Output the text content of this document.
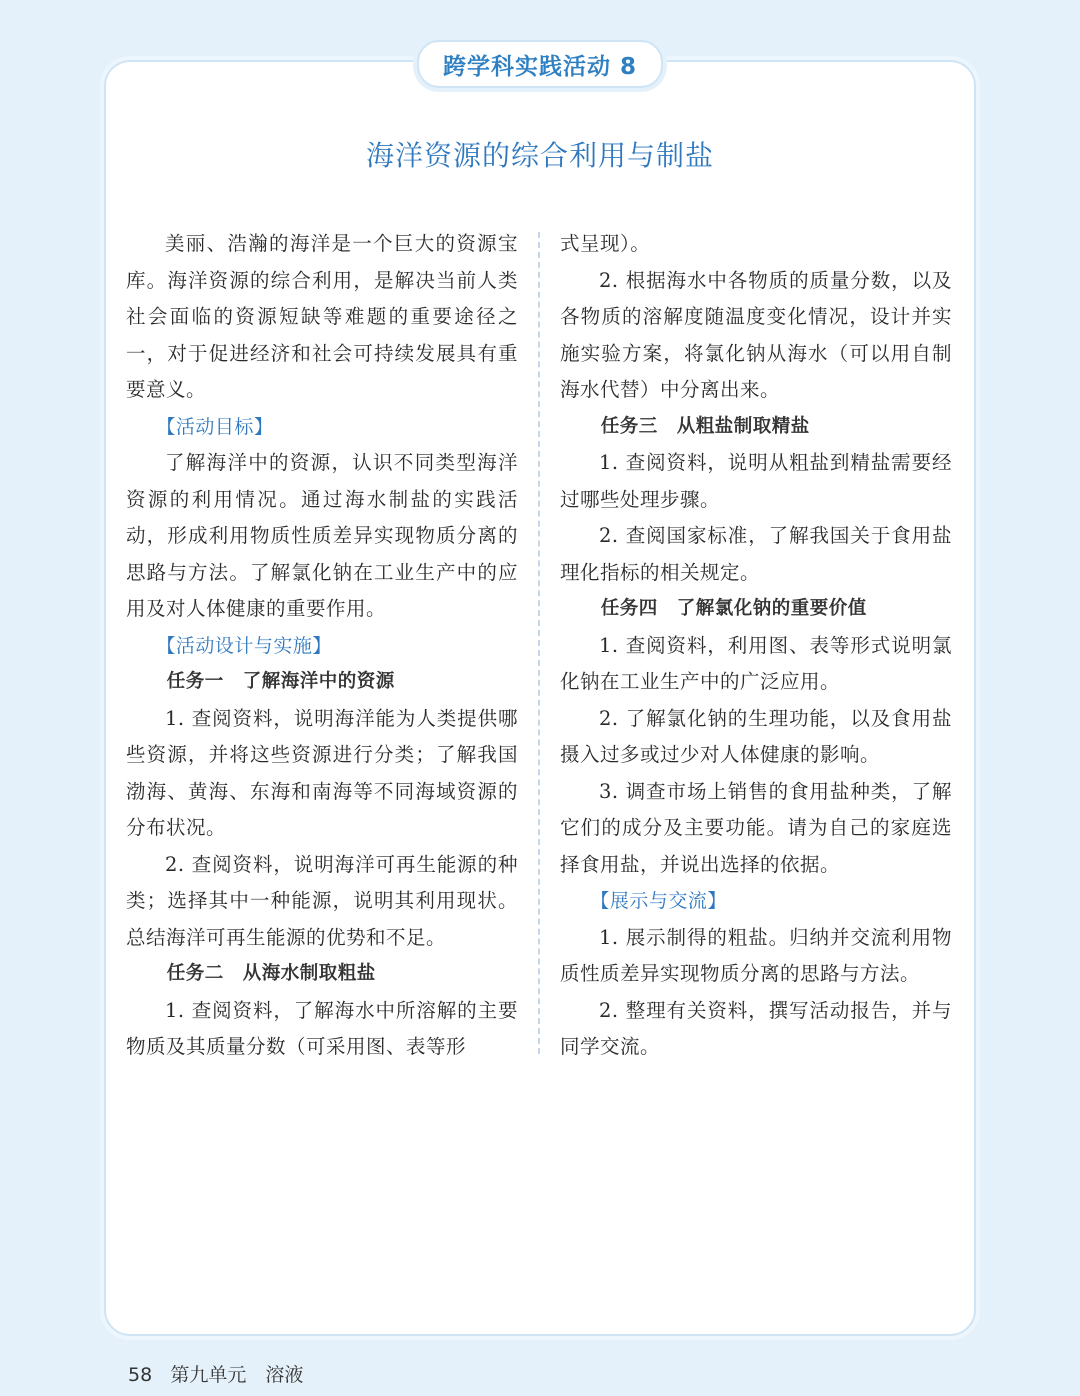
跨学科实践活动 8
海洋资源的综合利用与制盐

美丽、浩瀚的海洋是一个巨大的资源宝库。海洋资源的综合利用，是解决当前人类社会面临的资源短缺等难题的重要途径之一，对于促进经济和社会可持续发展具有重要意义。

【活动目标】

了解海洋中的资源，认识不同类型海洋资源的利用情况。通过海水制盐的实践活动，形成利用物质性质差异实现物质分离的思路与方法。了解氯化钠在工业生产中的应用及对人体健康的重要作用。

【活动设计与实施】
任务一　了解海洋中的资源

1. 查阅资料，说明海洋能为人类提供哪些资源，并将这些资源进行分类；了解我国渤海、黄海、东海和南海等不同海域资源的分布状况。

2. 查阅资料，说明海洋可再生能源的种类；选择其中一种能源，说明其利用现状。总结海洋可再生能源的优势和不足。

任务二　从海水制取粗盐

1. 查阅资料，了解海水中所溶解的主要物质及其质量分数（可采用图、表等形

式呈现）。

2. 根据海水中各物质的质量分数，以及各物质的溶解度随温度变化情况，设计并实施实验方案，将氯化钠从海水（可以用自制海水代替）中分离出来。

任务三　从粗盐制取精盐

1. 查阅资料，说明从粗盐到精盐需要经过哪些处理步骤。

2. 查阅国家标准，了解我国关于食用盐理化指标的相关规定。

任务四　了解氯化钠的重要价值

1. 查阅资料，利用图、表等形式说明氯化钠在工业生产中的广泛应用。

2. 了解氯化钠的生理功能，以及食用盐摄入过多或过少对人体健康的影响。

3. 调查市场上销售的食用盐种类，了解它们的成分及主要功能。请为自己的家庭选择食用盐，并说出选择的依据。

【展示与交流】

1. 展示制得的粗盐。归纳并交流利用物质性质差异实现物质分离的思路与方法。

2. 整理有关资料，撰写活动报告，并与同学交流。

58 第九单元　溶液
